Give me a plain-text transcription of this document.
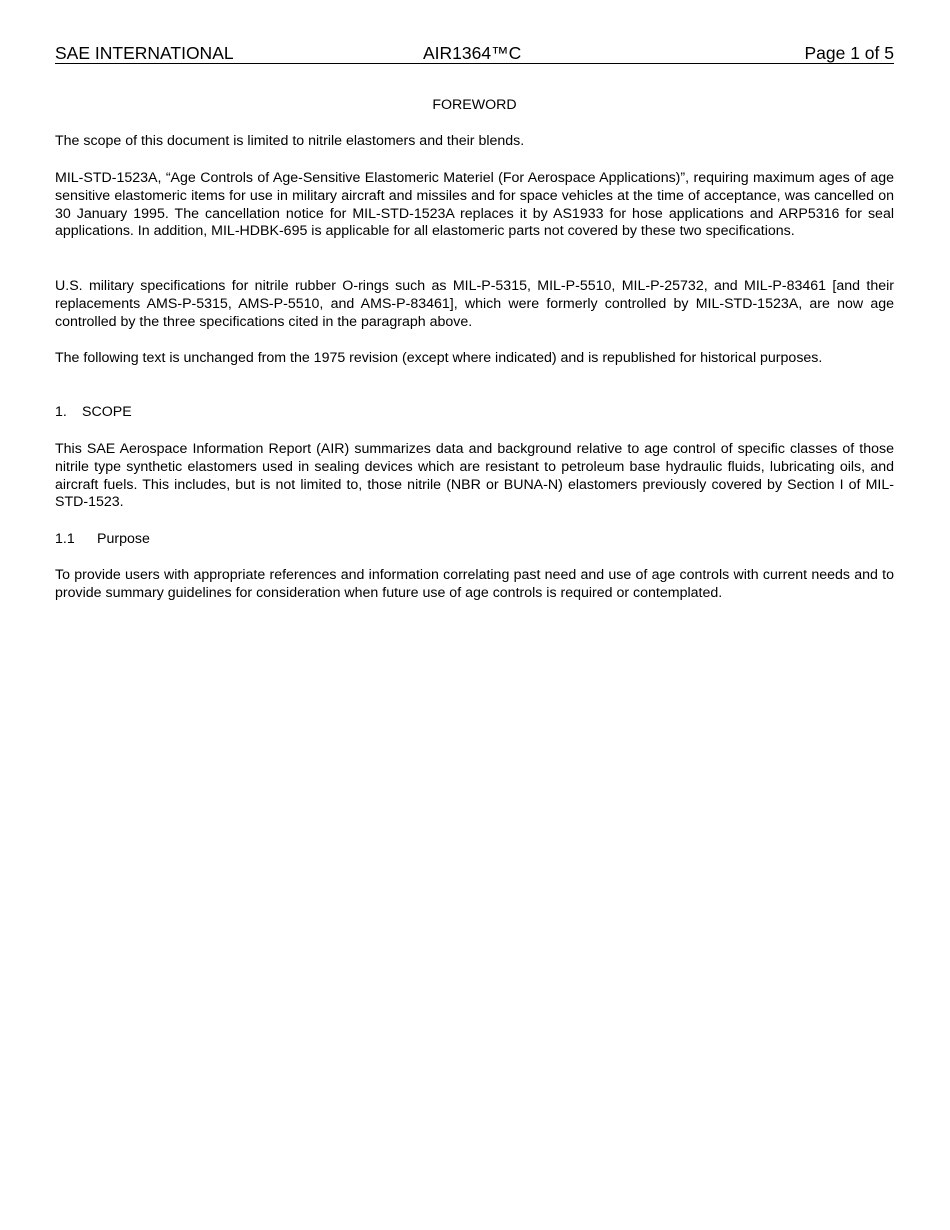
SAE INTERNATIONAL	AIR1364™C	Page 1 of 5
FOREWORD

The scope of this document is limited to nitrile elastomers and their blends.

MIL-STD-1523A, “Age Controls of Age-Sensitive Elastomeric Materiel (For Aerospace Applications)”, requiring maximum ages of age sensitive elastomeric items for use in military aircraft and missiles and for space vehicles at the time of acceptance, was cancelled on 30 January 1995. The cancellation notice for MIL-STD-1523A replaces it by AS1933 for hose applications and ARP5316 for seal applications. In addition, MIL-HDBK-695 is applicable for all elastomeric parts not covered by these two specifications.

U.S. military specifications for nitrile rubber O-rings such as MIL-P-5315, MIL-P-5510, MIL-P-25732, and MIL-P-83461 [and their replacements AMS-P-5315, AMS-P-5510, and AMS-P-83461], which were formerly controlled by MIL-STD-1523A, are now age controlled by the three specifications cited in the paragraph above.

The following text is unchanged from the 1975 revision (except where indicated) and is republished for historical purposes.

1. SCOPE

This SAE Aerospace Information Report (AIR) summarizes data and background relative to age control of specific classes of those nitrile type synthetic elastomers used in sealing devices which are resistant to petroleum base hydraulic fluids, lubricating oils, and aircraft fuels. This includes, but is not limited to, those nitrile (NBR or BUNA-N) elastomers previously covered by Section I of MIL-STD-1523.

1.1 Purpose

To provide users with appropriate references and information correlating past need and use of age controls with current needs and to provide summary guidelines for consideration when future use of age controls is required or contemplated.
